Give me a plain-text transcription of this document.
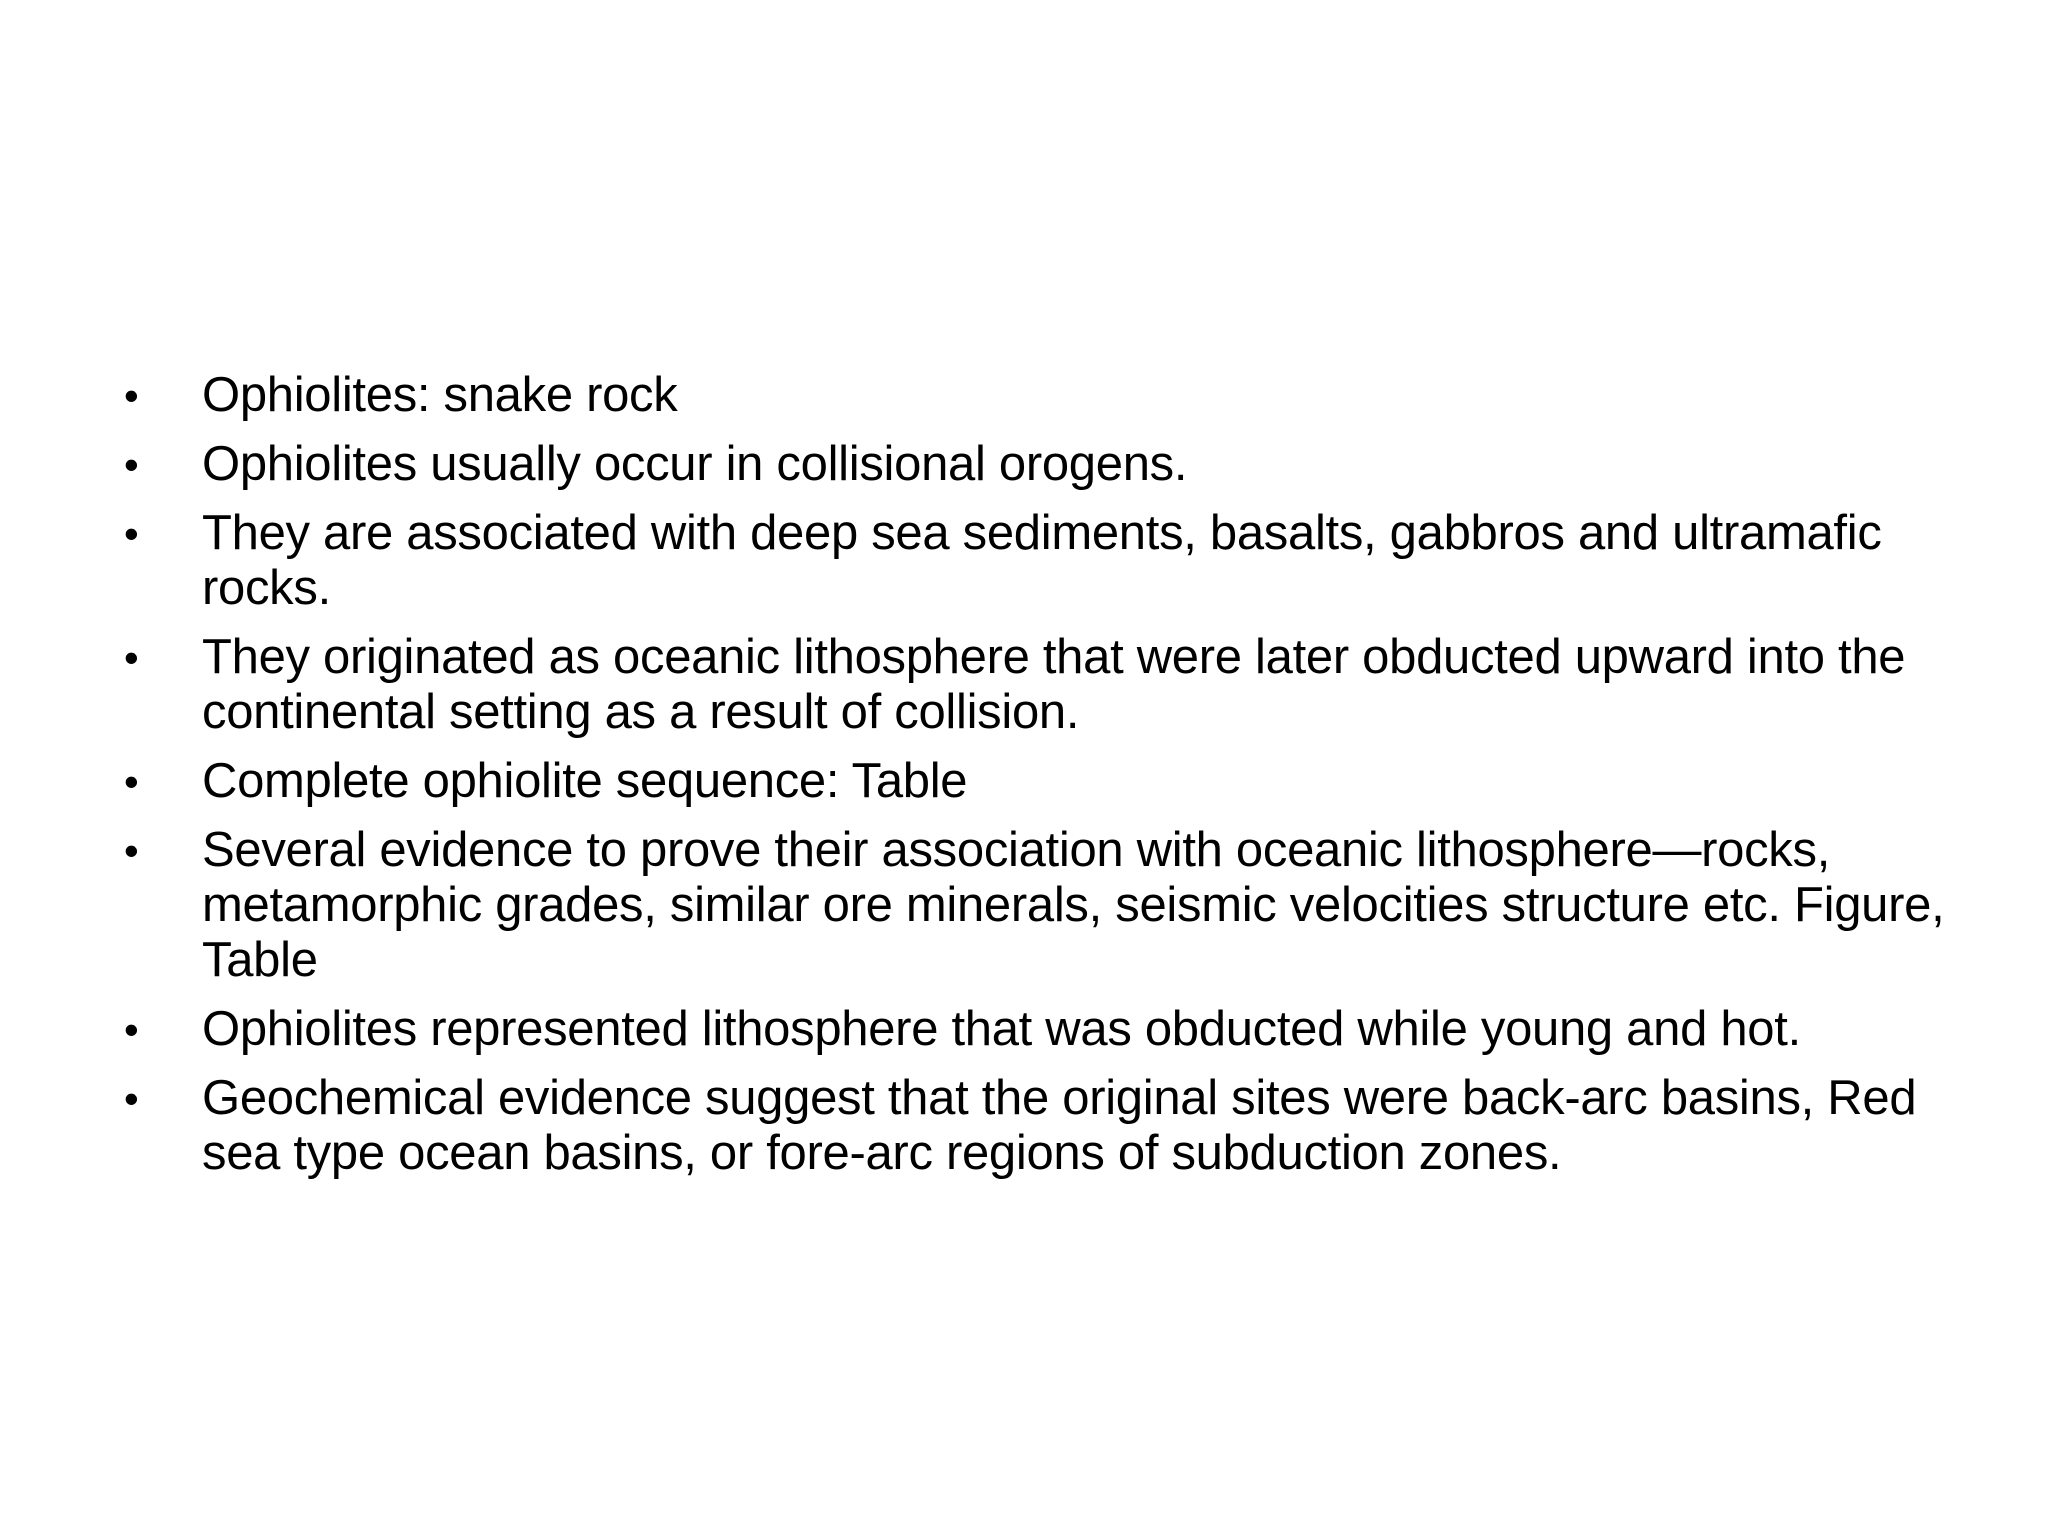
•	Ophiolites: snake rock
•	Ophiolites usually occur in collisional orogens.
•	They are associated with deep sea sediments, basalts, gabbros and ultramafic rocks.
•	They originated as oceanic lithosphere that were later obducted upward into the continental setting as a result of collision.
•	Complete ophiolite sequence: Table
•	Several evidence to prove their association with oceanic lithosphere—rocks, metamorphic grades, similar ore minerals, seismic velocities structure etc. Figure, Table
•	Ophiolites represented lithosphere that was obducted while young and hot.
•	Geochemical evidence suggest that the original sites were back-arc basins, Red sea type ocean basins, or fore-arc regions of subduction zones.
